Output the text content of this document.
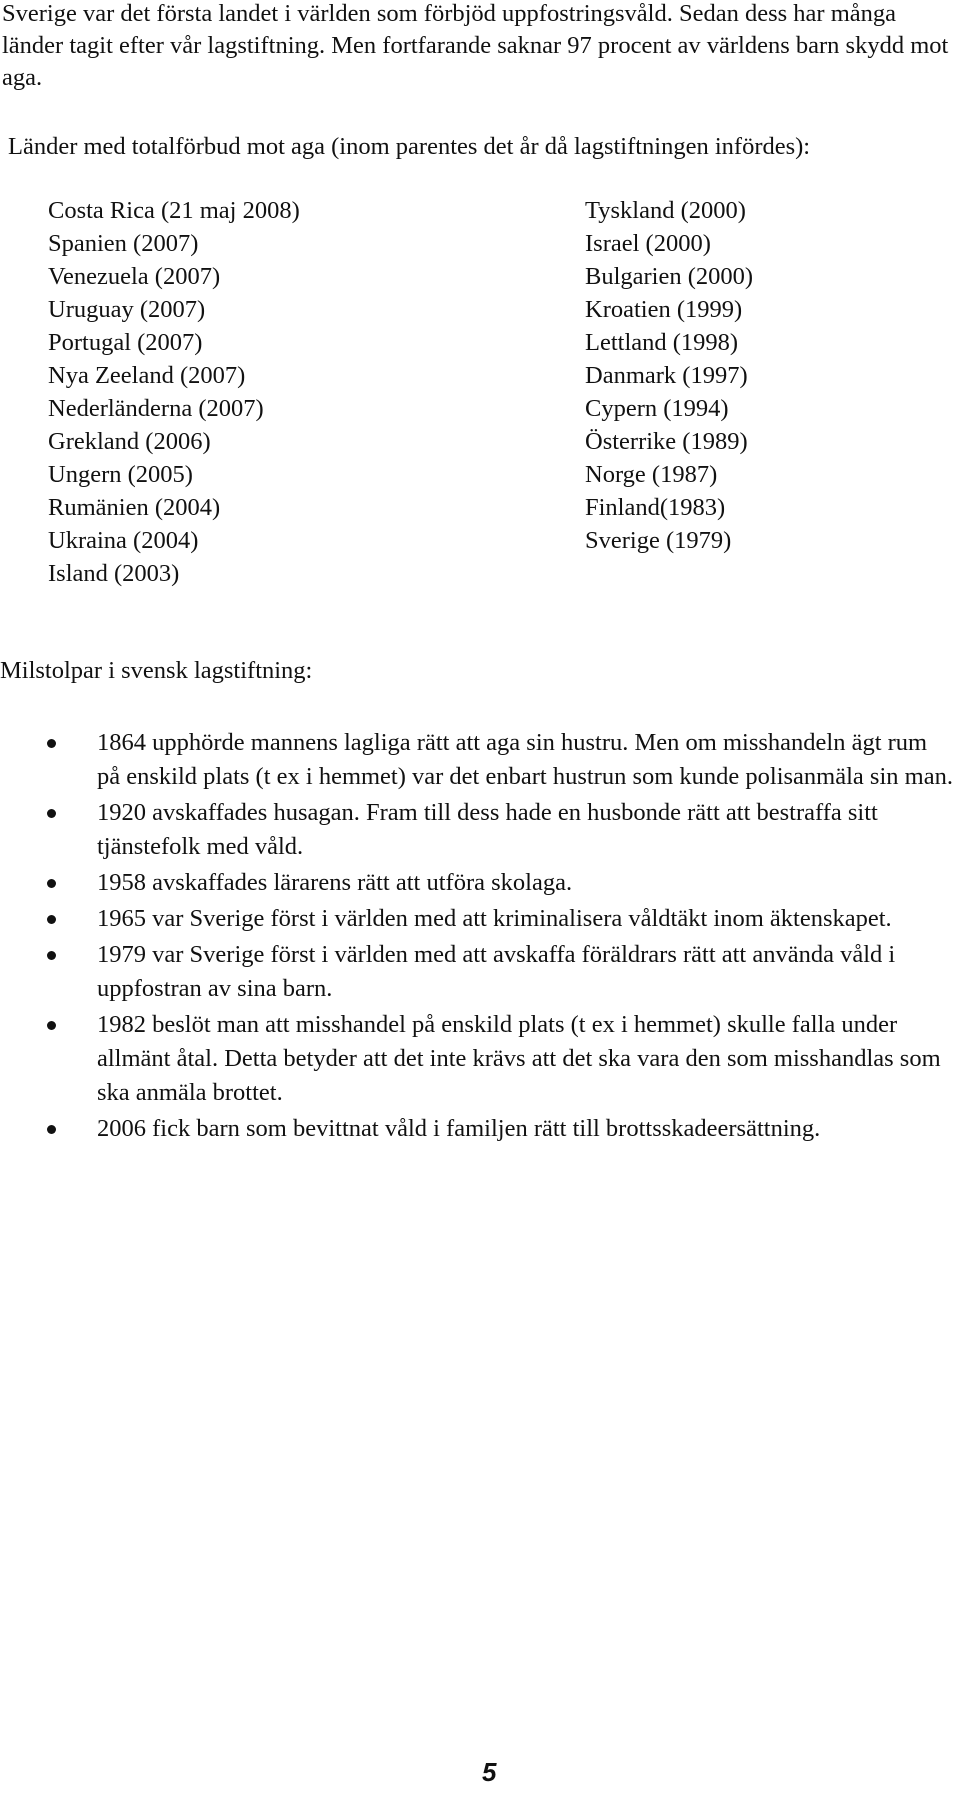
Sverige var det första landet i världen som förbjöd uppfostringsvåld. Sedan dess har många länder tagit efter vår lagstiftning. Men fortfarande saknar 97 procent av världens barn skydd mot aga.

Länder med totalförbud mot aga (inom parentes det år då lagstiftningen infördes):

Costa Rica (21 maj 2008)
Spanien (2007)
Venezuela (2007)
Uruguay (2007)
Portugal (2007)
Nya Zeeland (2007)
Nederländerna (2007)
Grekland (2006)
Ungern (2005)
Rumänien (2004)
Ukraina (2004)
Island (2003)
Tyskland (2000)
Israel (2000)
Bulgarien (2000)
Kroatien (1999)
Lettland (1998)
Danmark (1997)
Cypern (1994)
Österrike (1989)
Norge (1987)
Finland(1983)
Sverige (1979)

Milstolpar i svensk lagstiftning:

1864 upphörde mannens lagliga rätt att aga sin hustru. Men om misshandeln ägt rum på enskild plats (t ex i hemmet) var det enbart hustrun som kunde polisanmäla sin man.
1920 avskaffades husagan. Fram till dess hade en husbonde rätt att bestraffa sitt tjänstefolk med våld.
1958 avskaffades lärarens rätt att utföra skolaga.
1965 var Sverige först i världen med att kriminalisera våldtäkt inom äktenskapet.
1979 var Sverige först i världen med att avskaffa föräldrars rätt att använda våld i uppfostran av sina barn.
1982 beslöt man att misshandel på enskild plats (t ex i hemmet) skulle falla under allmänt åtal. Detta betyder att det inte krävs att det ska vara den som misshandlas som ska anmäla brottet.
2006 fick barn som bevittnat våld i familjen rätt till brottsskadeersättning.

5
